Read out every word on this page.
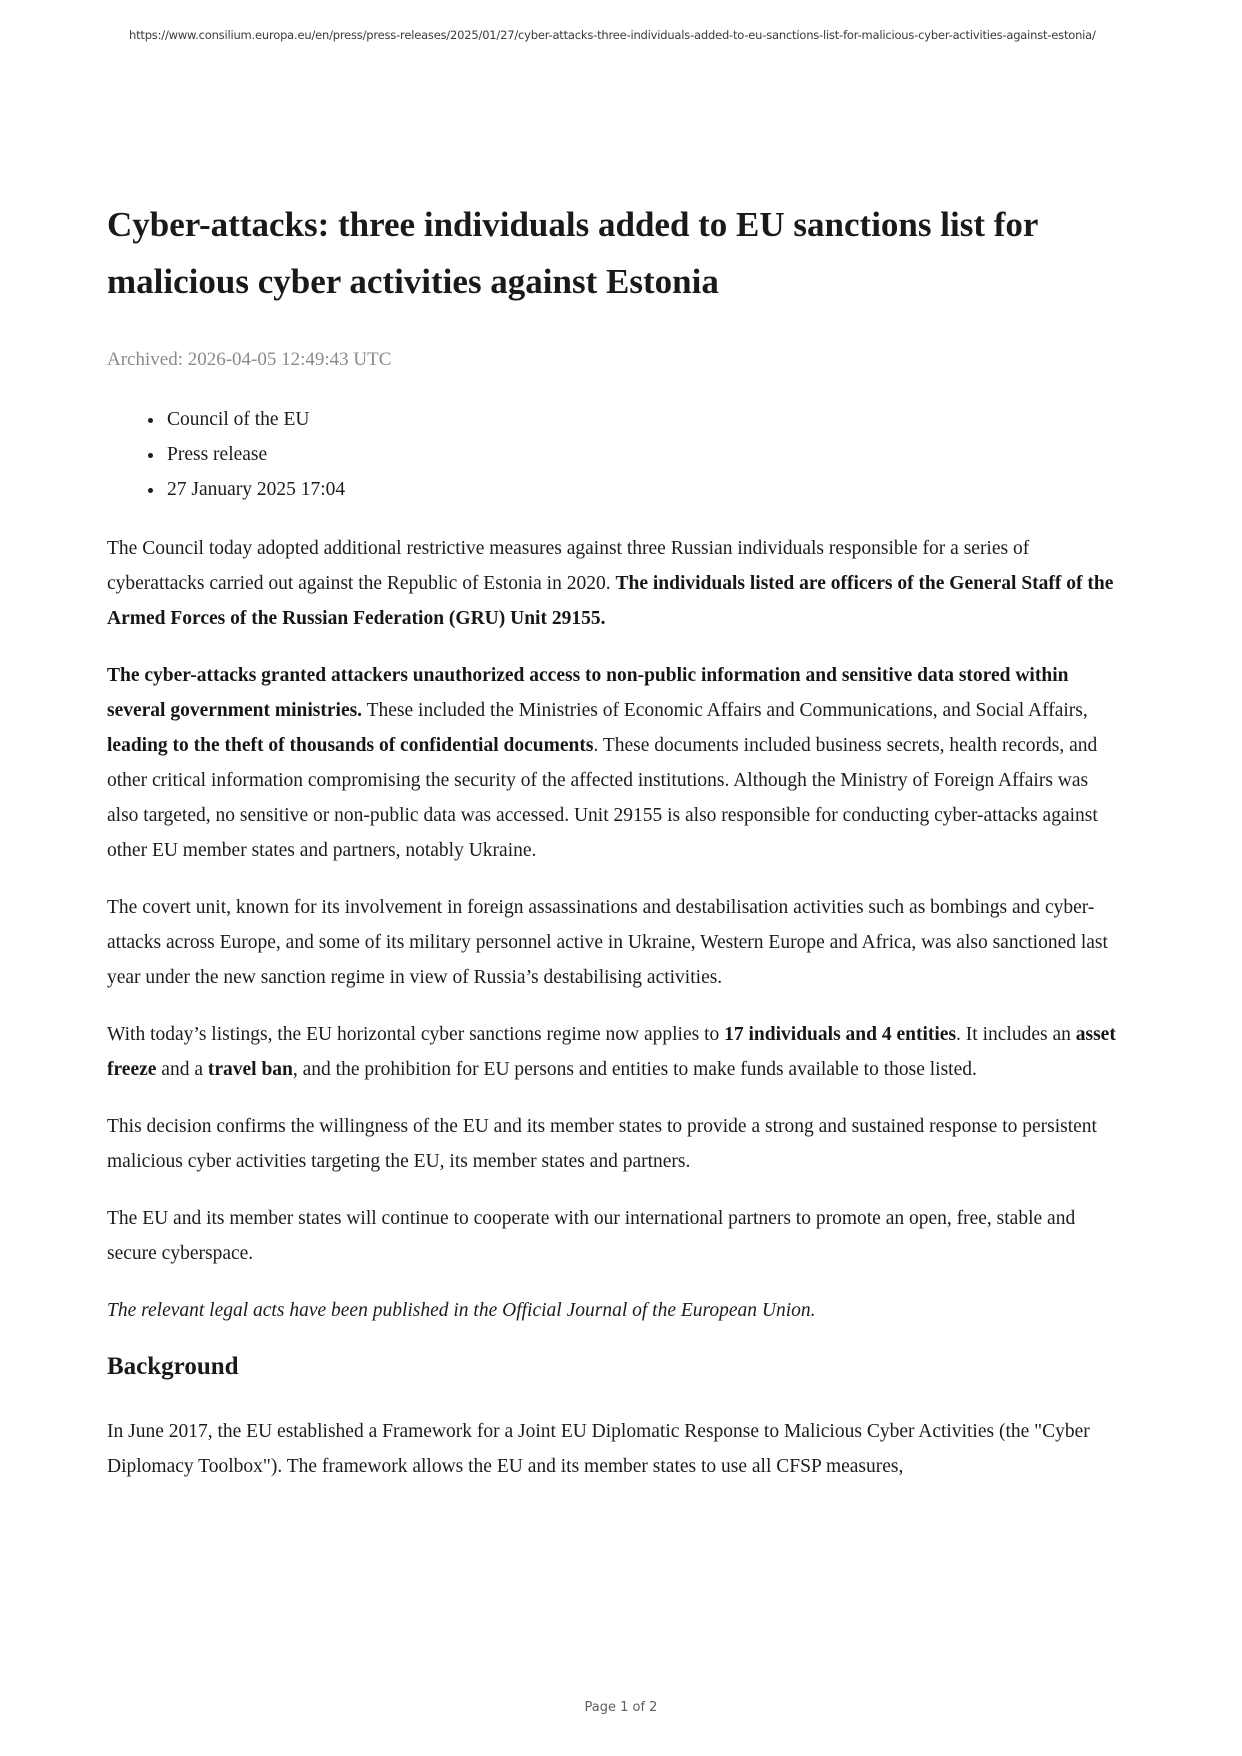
https://www.consilium.europa.eu/en/press/press-releases/2025/01/27/cyber-attacks-three-individuals-added-to-eu-sanctions-list-for-malicious-cyber-activities-against-estonia/
Cyber-attacks: three individuals added to EU sanctions list for malicious cyber activities against Estonia
Archived: 2026-04-05 12:49:43 UTC
• Council of the EU
• Press release
• 27 January 2025 17:04

The Council today adopted additional restrictive measures against three Russian individuals responsible for a series of cyberattacks carried out against the Republic of Estonia in 2020. The individuals listed are officers of the General Staff of the Armed Forces of the Russian Federation (GRU) Unit 29155.

The cyber-attacks granted attackers unauthorized access to non-public information and sensitive data stored within several government ministries. These included the Ministries of Economic Affairs and Communications, and Social Affairs, leading to the theft of thousands of confidential documents. These documents included business secrets, health records, and other critical information compromising the security of the affected institutions. Although the Ministry of Foreign Affairs was also targeted, no sensitive or non-public data was accessed. Unit 29155 is also responsible for conducting cyber-attacks against other EU member states and partners, notably Ukraine.

The covert unit, known for its involvement in foreign assassinations and destabilisation activities such as bombings and cyber-attacks across Europe, and some of its military personnel active in Ukraine, Western Europe and Africa, was also sanctioned last year under the new sanction regime in view of Russia’s destabilising activities.

With today’s listings, the EU horizontal cyber sanctions regime now applies to 17 individuals and 4 entities. It includes an asset freeze and a travel ban, and the prohibition for EU persons and entities to make funds available to those listed.

This decision confirms the willingness of the EU and its member states to provide a strong and sustained response to persistent malicious cyber activities targeting the EU, its member states and partners.

The EU and its member states will continue to cooperate with our international partners to promote an open, free, stable and secure cyberspace.

The relevant legal acts have been published in the Official Journal of the European Union.

Background

In June 2017, the EU established a Framework for a Joint EU Diplomatic Response to Malicious Cyber Activities (the "Cyber Diplomacy Toolbox"). The framework allows the EU and its member states to use all CFSP measures,

Page 1 of 2
